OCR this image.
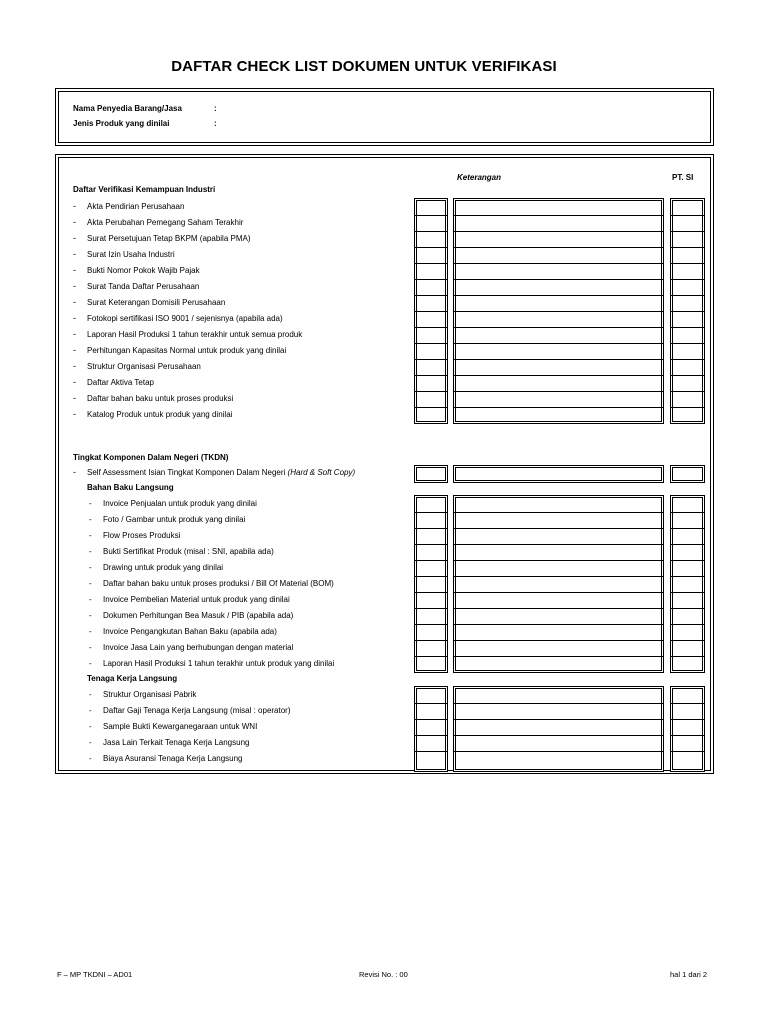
DAFTAR CHECK LIST DOKUMEN UNTUK VERIFIKASI
Nama Penyedia Barang/Jasa	:
Jenis Produk yang dinilai	:
Keterangan	PT. SI
Daftar Verifikasi Kemampuan Industri
- Akta Pendirian Perusahaan
- Akta Perubahan Pemegang Saham Terakhir
- Surat Persetujuan Tetap BKPM (apabila PMA)
- Surat Izin Usaha Industri
- Bukti Nomor Pokok Wajib Pajak
- Surat Tanda Daftar Perusahaan
- Surat Keterangan Domisili Perusahaan
- Fotokopi sertifikasi ISO 9001 / sejenisnya (apabila ada)
- Laporan Hasil Produksi 1 tahun terakhir untuk semua produk
- Perhitungan Kapasitas Normal untuk produk yang dinilai
- Struktur Organisasi Perusahaan
- Daftar Aktiva Tetap
- Daftar bahan baku untuk proses produksi
- Katalog Produk untuk produk yang dinilai
Tingkat Komponen Dalam Negeri (TKDN)
- Self Assessment Isian Tingkat Komponen Dalam Negeri (Hard & Soft Copy)
Bahan Baku Langsung
- Invoice Penjualan untuk produk yang dinilai
- Foto / Gambar untuk produk yang dinilai
- Flow Proses Produksi
- Bukti Sertifikat Produk (misal : SNI, apabila ada)
- Drawing untuk produk yang dinilai
- Daftar bahan baku untuk proses produksi / Bill Of Material (BOM)
- Invoice Pembelian Material untuk produk yang dinilai
- Dokumen Perhitungan Bea Masuk / PIB (apabila ada)
- Invoice Pengangkutan Bahan Baku (apabila ada)
- Invoice Jasa Lain yang berhubungan dengan material
- Laporan Hasil Produksi 1 tahun terakhir untuk produk yang dinilai
Tenaga Kerja Langsung
- Struktur Organisasi Pabrik
- Daftar Gaji Tenaga Kerja Langsung (misal : operator)
- Sample Bukti Kewarganegaraan untuk WNI
- Jasa Lain Terkait Tenaga Kerja Langsung
- Biaya Asuransi Tenaga Kerja Langsung
F – MP TKDNI – AD01	Revisi No. : 00	hal 1 dari 2
